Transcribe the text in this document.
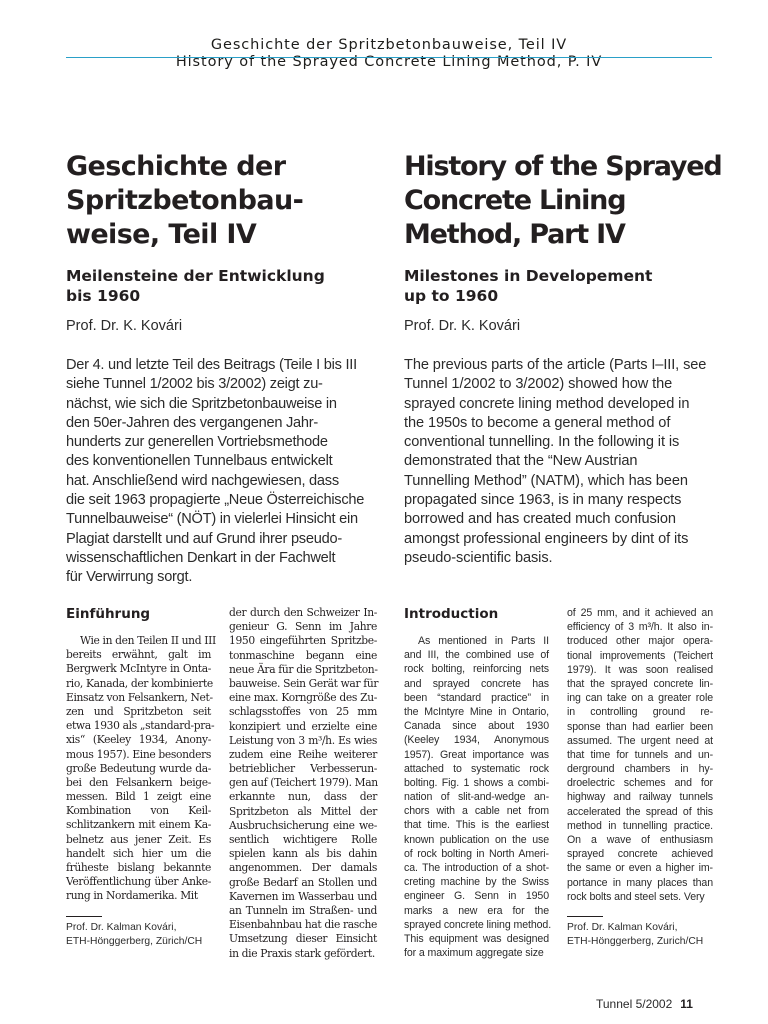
Geschichte der Spritzbetonbauweise, Teil IV
History of the Sprayed Concrete Lining Method, P. IV
Geschichte der
Spritzbetonbau-
weise, Teil IV
History of the Sprayed
Concrete Lining
Method, Part IV
Meilensteine der Entwicklung
bis 1960
Milestones in Developement
up to 1960
Prof. Dr. K. Kovári	Prof. Dr. K. Kovári
Der 4. und letzte Teil des Beitrags (Teile I bis III
siehe Tunnel 1/2002 bis 3/2002) zeigt zu-
nächst, wie sich die Spritzbetonbauweise in
den 50er-Jahren des vergangenen Jahr-
hunderts zur generellen Vortriebsmethode
des konventionellen Tunnelbaus entwickelt
hat. Anschließend wird nachgewiesen, dass
die seit 1963 propagierte „Neue Österreichische
Tunnelbauweise“ (NÖT) in vielerlei Hinsicht ein
Plagiat darstellt und auf Grund ihrer pseudo-
wissenschaftlichen Denkart in der Fachwelt
für Verwirrung sorgt.
The previous parts of the article (Parts I–III, see
Tunnel 1/2002 to 3/2002) showed how the
sprayed concrete lining method developed in
the 1950s to become a general method of
conventional tunnelling. In the following it is
demonstrated that the “New Austrian
Tunnelling Method” (NATM), which has been
propagated since 1963, is in many respects
borrowed and has created much confusion
amongst professional engineers by dint of its
pseudo-scientific basis.
Einführung	Introduction
Wie in den Teilen II und III
bereits erwähnt, galt im
Bergwerk McIntyre in Onta-
rio, Kanada, der kombinierte
Einsatz von Felsankern, Net-
zen und Spritzbeton seit
etwa 1930 als „standard-pra-
xis“ (Keeley 1934, Anony-
mous 1957). Eine besonders
große Bedeutung wurde da-
bei den Felsankern beige-
messen. Bild 1 zeigt eine
Kombination von Keil-
schlitzankern mit einem Ka-
belnetz aus jener Zeit. Es
handelt sich hier um die
früheste bislang bekannte
Veröffentlichung über Anke-
rung in Nordamerika. Mit
der durch den Schweizer In-
genieur G. Senn im Jahre
1950 eingeführten Spritzbe-
tonmaschine begann eine
neue Ära für die Spritzbeton-
bauweise. Sein Gerät war für
eine max. Korngröße des Zu-
schlagsstoffes von 25 mm
konzipiert und erzielte eine
Leistung von 3 m³/h. Es wies
zudem eine Reihe weiterer
betrieblicher Verbesserun-
gen auf (Teichert 1979). Man
erkannte nun, dass der
Spritzbeton als Mittel der
Ausbruchsicherung eine we-
sentlich wichtigere Rolle
spielen kann als bis dahin
angenommen. Der damals
große Bedarf an Stollen und
Kavernen im Wasserbau und
an Tunneln im Straßen- und
Eisenbahnbau hat die rasche
Umsetzung dieser Einsicht
in die Praxis stark gefördert.
As mentioned in Parts II
and III, the combined use of
rock bolting, reinforcing nets
and sprayed concrete has
been “standard practice” in
the McIntyre Mine in Ontario,
Canada since about 1930
(Keeley 1934, Anonymous
1957). Great importance was
attached to systematic rock
bolting. Fig. 1 shows a combi-
nation of slit-and-wedge an-
chors with a cable net from
that time. This is the earliest
known publication on the use
of rock bolting in North Ameri-
ca. The introduction of a shot-
creting machine by the Swiss
engineer G. Senn in 1950
marks a new era for the
sprayed concrete lining method.
This equipment was designed
for a maximum aggregate size
of 25 mm, and it achieved an
efficiency of 3 m³/h. It also in-
troduced other major opera-
tional improvements (Teichert
1979). It was soon realised
that the sprayed concrete lin-
ing can take on a greater role
in controlling ground re-
sponse than had earlier been
assumed. The urgent need at
that time for tunnels and un-
derground chambers in hy-
droelectric schemes and for
highway and railway tunnels
accelerated the spread of this
method in tunnelling practice.
On a wave of enthusiasm
sprayed concrete achieved
the same or even a higher im-
portance in many places than
rock bolts and steel sets. Very
Prof. Dr. Kalman Kovári,
ETH-Hönggerberg, Zürich/CH
Prof. Dr. Kalman Kovári,
ETH-Hönggerberg, Zurich/CH
Tunnel 5/2002 11
